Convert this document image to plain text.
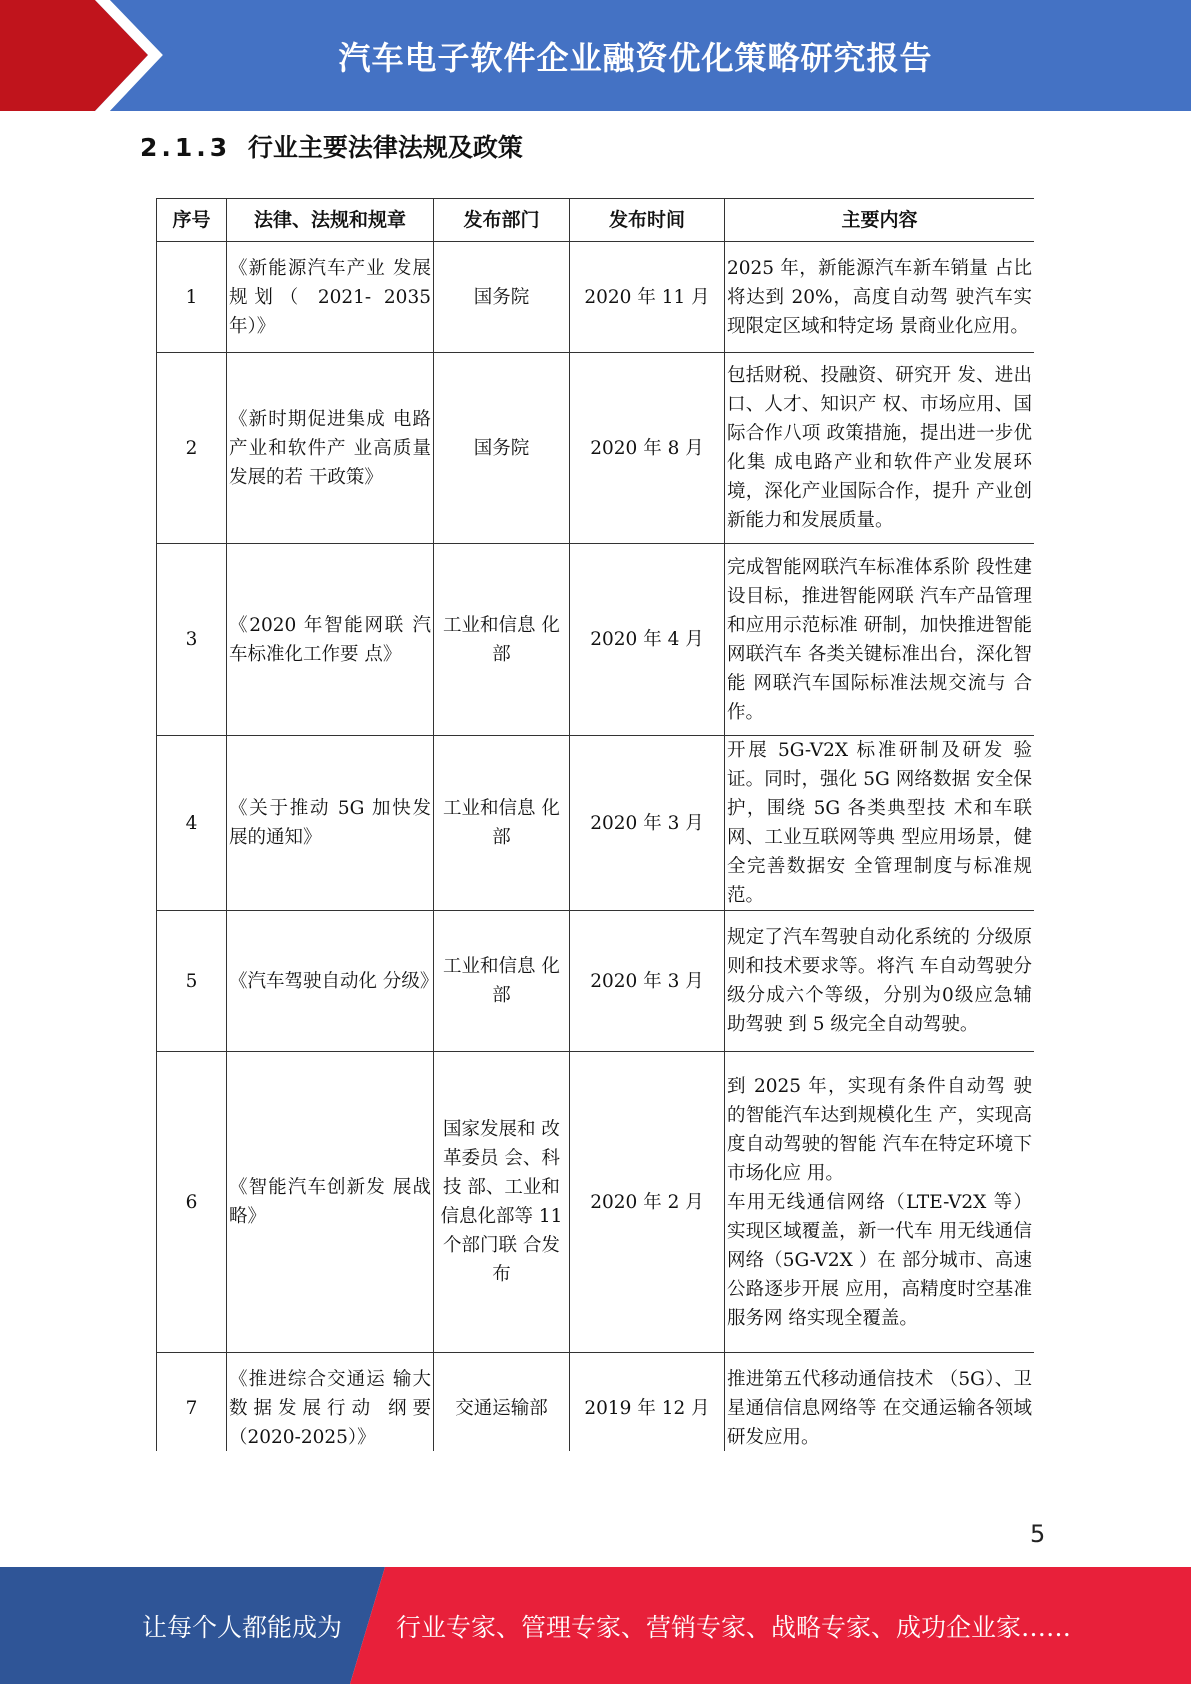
汽车电子软件企业融资优化策略研究报告
2.1.3 行业主要法律法规及政策
序号	法律、法规和规章	发布部门	发布时间	主要内容
1	《新能源汽车产业 发展规划（ 2021- 2035年）》	国务院	2020 年 11 月	2025 年，新能源汽车新车销量 占比将达到 20%，高度自动驾 驶汽车实现限定区域和特定场 景商业化应用。
2	《新时期促进集成 电路产业和软件产 业高质量发展的若 干政策》	国务院	2020 年 8 月	包括财税、投融资、研究开 发、进出口、人才、知识产 权、市场应用、国际合作八项 政策措施，提出进一步优化集 成电路产业和软件产业发展环 境，深化产业国际合作，提升 产业创新能力和发展质量。
3	《2020 年智能网联 汽车标准化工作要 点》	工业和信息 化部	2020 年 4 月	完成智能网联汽车标准体系阶 段性建设目标，推进智能网联 汽车产品管理和应用示范标准 研制，加快推进智能网联汽车 各类关键标准出台，深化智能 网联汽车国际标准法规交流与 合作。
4	《关于推动 5G 加快发展的通知》	工业和信息 化部	2020 年 3 月	开展 5G-V2X 标准研制及研发 验证。同时，强化 5G 网络数据 安全保护，围绕 5G 各类典型技 术和车联网、工业互联网等典 型应用场景，健全完善数据安 全管理制度与标准规范。
5	《汽车驾驶自动化 分级》	工业和信息 化部	2020 年 3 月	规定了汽车驾驶自动化系统的 分级原则和技术要求等。将汽 车自动驾驶分级分成六个等级，分别为0级应急辅助驾驶 到 5 级完全自动驾驶。
6	《智能汽车创新发 展战略》	国家发展和 改革委员 会、科技 部、工业和信息化部等 11 个部门联 合发布	2020 年 2 月	到 2025 年，实现有条件自动驾 驶的智能汽车达到规模化生 产，实现高度自动驾驶的智能 汽车在特定环境下市场化应 用。
车用无线通信网络（LTE-V2X 等）实现区域覆盖，新一代车 用无线通信网络（5G-V2X ）在 部分城市、高速公路逐步开展 应用，高精度时空基准服务网 络实现全覆盖。

7	《推进综合交通运 输大数据发展行动 纲要（2020-2025）》	交通运输部	2019 年 12 月	推进第五代移动通信技术 （5G）、卫星通信信息网络等 在交通运输各领域研发应用。
5
让每个人都能成为 行业专家、管理专家、营销专家、战略专家、成功企业家……
